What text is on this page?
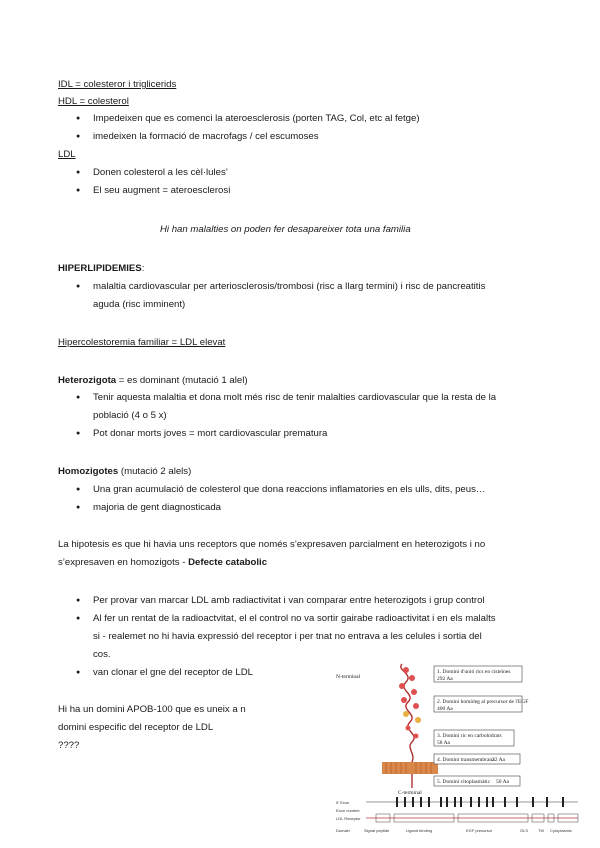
IDL = colesteror i triglicerids
HDL = colesterol
Impedeixen que es comenci la ateroesclerosis (porten TAG, Col, etc al fetge)
imedeixen la formació de macrofags / cel escumoses
LDL
Donen colesterol a les cèl·lules’
El seu augment = ateroesclerosi
Hi han malalties on poden fer desapareixer tota una familia
HIPERLIPIDEMIES:
malaltia cardiovascular per arteriosclerosis/trombosi (risc a llarg termini) i risc de pancreatitis
aguda (risc imminent)
Hipercolestoremia familiar = LDL elevat
Heterozigota = es dominant (mutació 1 alel)
Tenir aquesta malaltia et dona molt més risc de tenir malalties cardiovascular que la resta de la
població (4 o 5 x)
Pot donar morts joves = mort cardiovascular prematura
Homozigotes (mutació 2 alels)
Una gran acumulació de colesterol que dona reaccions inflamatories en els ulls, dits, peus…
majoria de gent diagnosticada
La hipotesis es que hi havia uns receptors que només s’expresaven parcialment en heterozigots i no
s’expresaven en homozigots - Defecte catabolic
Per provar van marcar LDL amb radiactivitat i van comparar entre heterozigots i grup control
Al fer un rentat de la radioactvitat, el el control no va sortir gairabe radioactivitat i en els malalts
si - realemet no hi havia expressió del receptor i per tnat no entrava a les celules i sortia del
cos.
van clonar el gne del receptor de LDL
Hi ha un domini APOB-100 que es uneix a n
domini especific del receptor de LDL
????
N-terminal
C-terminal
1. Domini d'unió rics en cisteïnes
292 Aa
2. Domini homòleg al precursor de l'EGF
400 Aa
3. Domini ric en carbohidrats
58 Aa
4. Domini transmembrana
22 Aa
5. Domini citoplasmàtic 50 Aa
5' Exon
Exon number
LDL Receptor
Domain	Signal peptide	Ligand binding	EGF precursor	OLS TM Cytoplasmic
